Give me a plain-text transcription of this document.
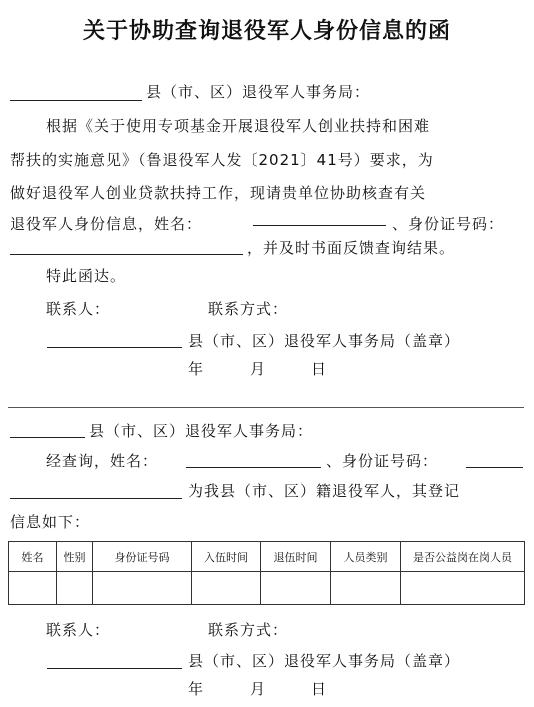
关于协助查询退役军人身份信息的函
县（市、区）退役军人事务局：
根据《关于使用专项基金开展退役军人创业扶持和困难
帮扶的实施意见》（鲁退役军人发〔2021〕41号）要求，为
做好退役军人创业贷款扶持工作，现请贵单位协助核查有关
退役军人身份信息，姓名：	、身份证号码：
，并及时书面反馈查询结果。
特此函达。
联系人：	联系方式：
县（市、区）退役军人事务局（盖章）
年	月	日
县（市、区）退役军人事务局：
经查询，姓名：	、身份证号码：
为我县（市、区）籍退役军人，其登记
信息如下：
姓名	性别	身份证号码	入伍时间	退伍时间	人员类别	是否公益岗在岗人员

联系人：	联系方式：
县（市、区）退役军人事务局（盖章）
年	月	日
